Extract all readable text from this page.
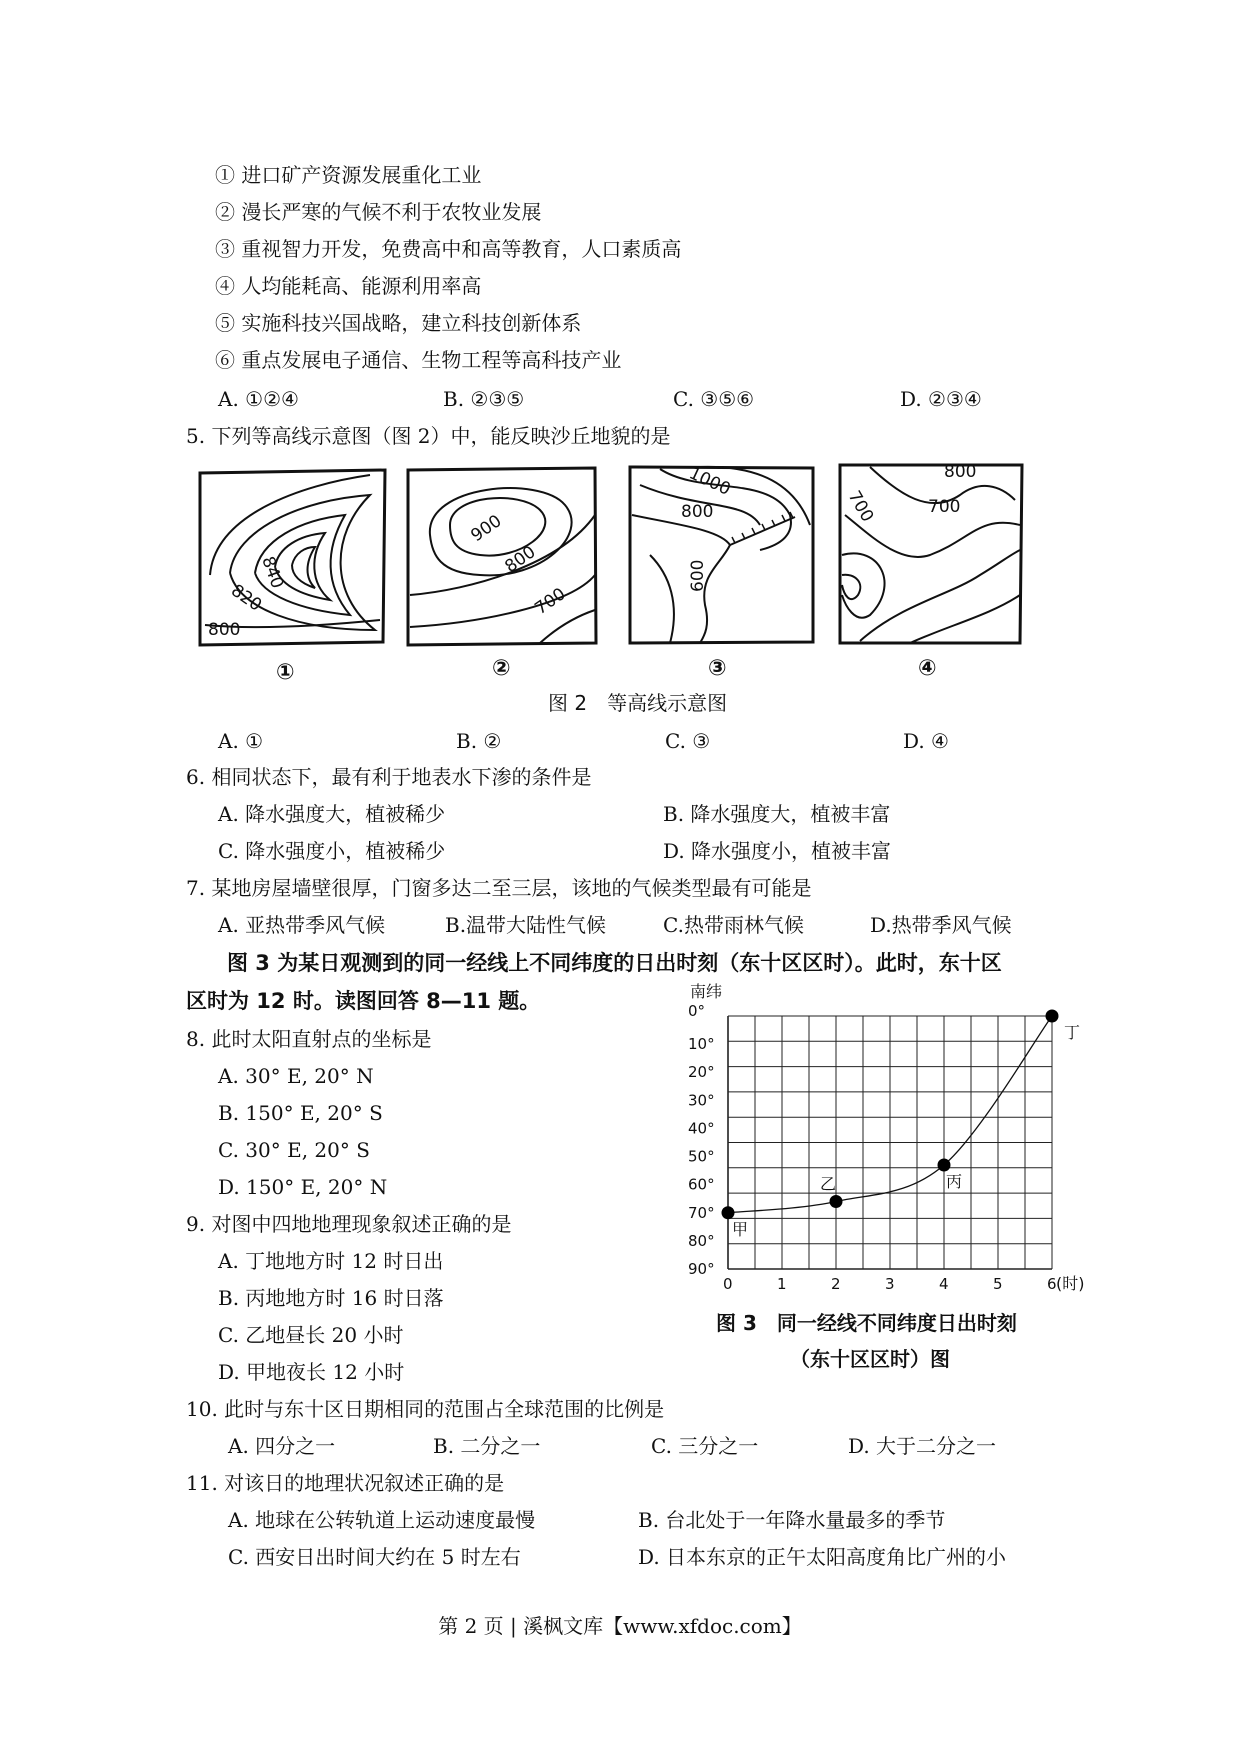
① 进口矿产资源发展重化工业
② 漫长严寒的气候不利于农牧业发展
③ 重视智力开发，免费高中和高等教育，人口素质高
④ 人均能耗高、能源利用率高
⑤ 实施科技兴国战略，建立科技创新体系
⑥ 重点发展电子通信、生物工程等高科技产业
A. ①②④	B. ②③⑤	C. ③⑤⑥	D. ②③④
5. 下列等高线示意图（图 2）中，能反映沙丘地貌的是
840
820
800
900
800
700
1000
800
600
800
700
700
①	②	③	④
图 2　等高线示意图
A. ①	B. ②	C. ③	D. ④
6. 相同状态下，最有利于地表水下渗的条件是
A. 降水强度大，植被稀少	B. 降水强度大，植被丰富
C. 降水强度小，植被稀少	D. 降水强度小，植被丰富
7. 某地房屋墙壁很厚，门窗多达二至三层，该地的气候类型最有可能是
A. 亚热带季风气候	B.温带大陆性气候	C.热带雨林气候	D.热带季风气候
图 3 为某日观测到的同一经线上不同纬度的日出时刻（东十区区时）。此时，东十区
区时为 12 时。读图回答 8—11 题。
8. 此时太阳直射点的坐标是
A. 30° E, 20° N
B. 150° E, 20° S
C. 30° E, 20° S
D. 150° E, 20° N
9. 对图中四地地理现象叙述正确的是
A. 丁地地方时 12 时日出
B. 丙地地方时 16 时日落
C. 乙地昼长 20 小时
D. 甲地夜长 12 小时
10. 此时与东十区日期相同的范围占全球范围的比例是
A. 四分之一	B. 二分之一	C. 三分之一	D. 大于二分之一
11. 对该日的地理状况叙述正确的是
A. 地球在公转轨道上运动速度最慢	B. 台北处于一年降水量最多的季节
C. 西安日出时间大约在 5 时左右	D. 日本东京的正午太阳高度角比广州的小
南纬
0°
10°
20°
30°
40°
50°
60°
70°
80°
90°
0	1	2	3	4	5	6
甲
乙	丙
丁
(时)
图 3　同一经线不同纬度日出时刻
（东十区区时）图
第 2 页 | 溪枫文库【www.xfdoc.com】
